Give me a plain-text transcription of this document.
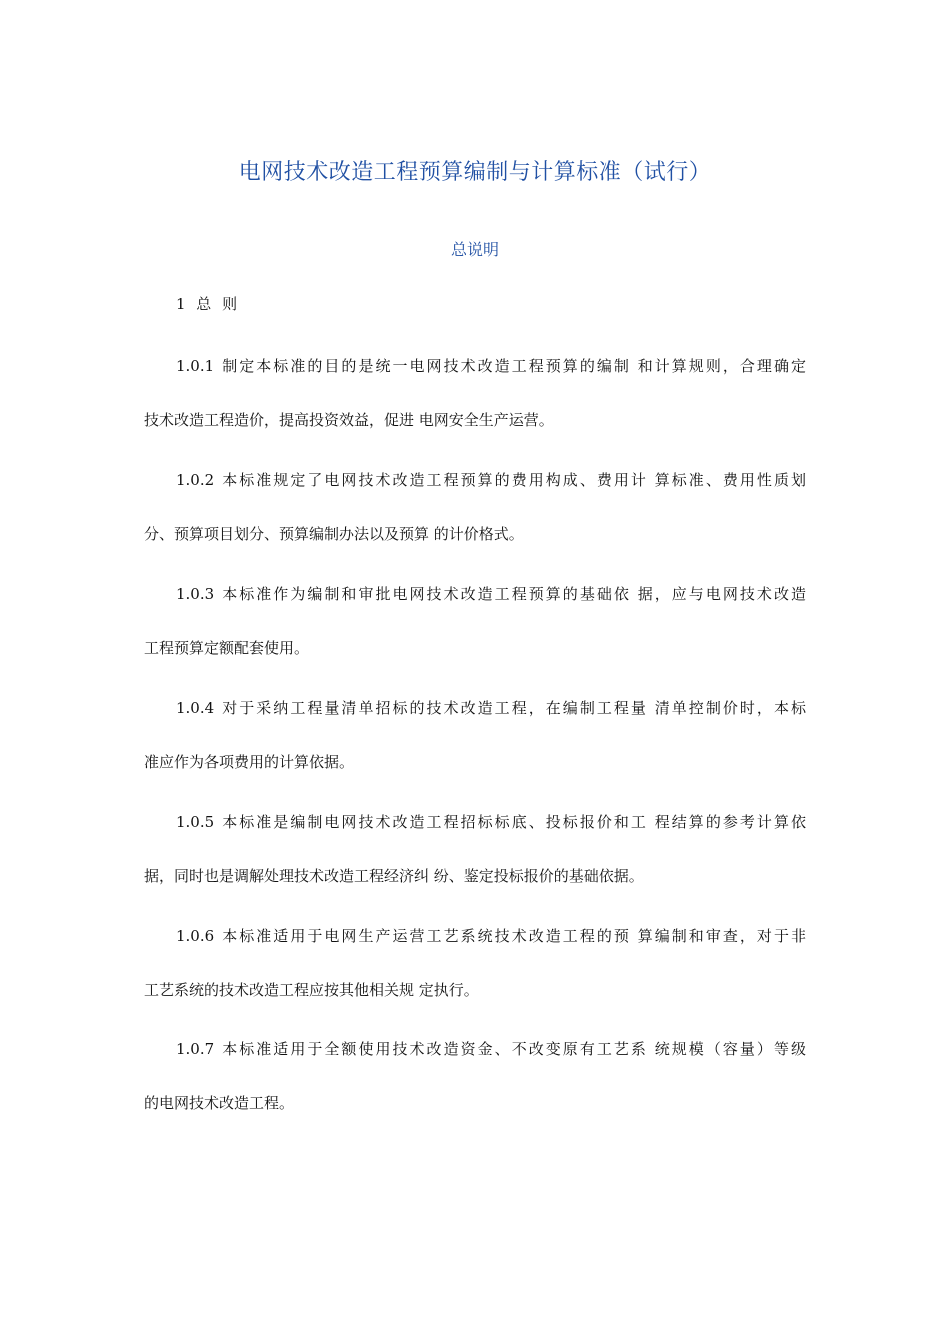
电网技术改造工程预算编制与计算标准（试行）
总说明
1 总 则
1.0.1 制定本标准的目的是统一电网技术改造工程预算的编制 和计算规则，合理确定
技术改造工程造价，提高投资效益，促进 电网安全生产运营。
1.0.2 本标准规定了电网技术改造工程预算的费用构成、费用计 算标准、费用性质划
分、预算项目划分、预算编制办法以及预算 的计价格式。
1.0.3 本标准作为编制和审批电网技术改造工程预算的基础依 据，应与电网技术改造
工程预算定额配套使用。
1.0.4 对于采纳工程量清单招标的技术改造工程，在编制工程量 清单控制价时，本标
准应作为各项费用的计算依据。
1.0.5 本标准是编制电网技术改造工程招标标底、投标报价和工 程结算的参考计算依
据，同时也是调解处理技术改造工程经济纠 纷、鉴定投标报价的基础依据。
1.0.6 本标准适用于电网生产运营工艺系统技术改造工程的预 算编制和审查，对于非
工艺系统的技术改造工程应按其他相关规 定执行。
1.0.7 本标准适用于全额使用技术改造资金、不改变原有工艺系 统规模（容量）等级
的电网技术改造工程。
